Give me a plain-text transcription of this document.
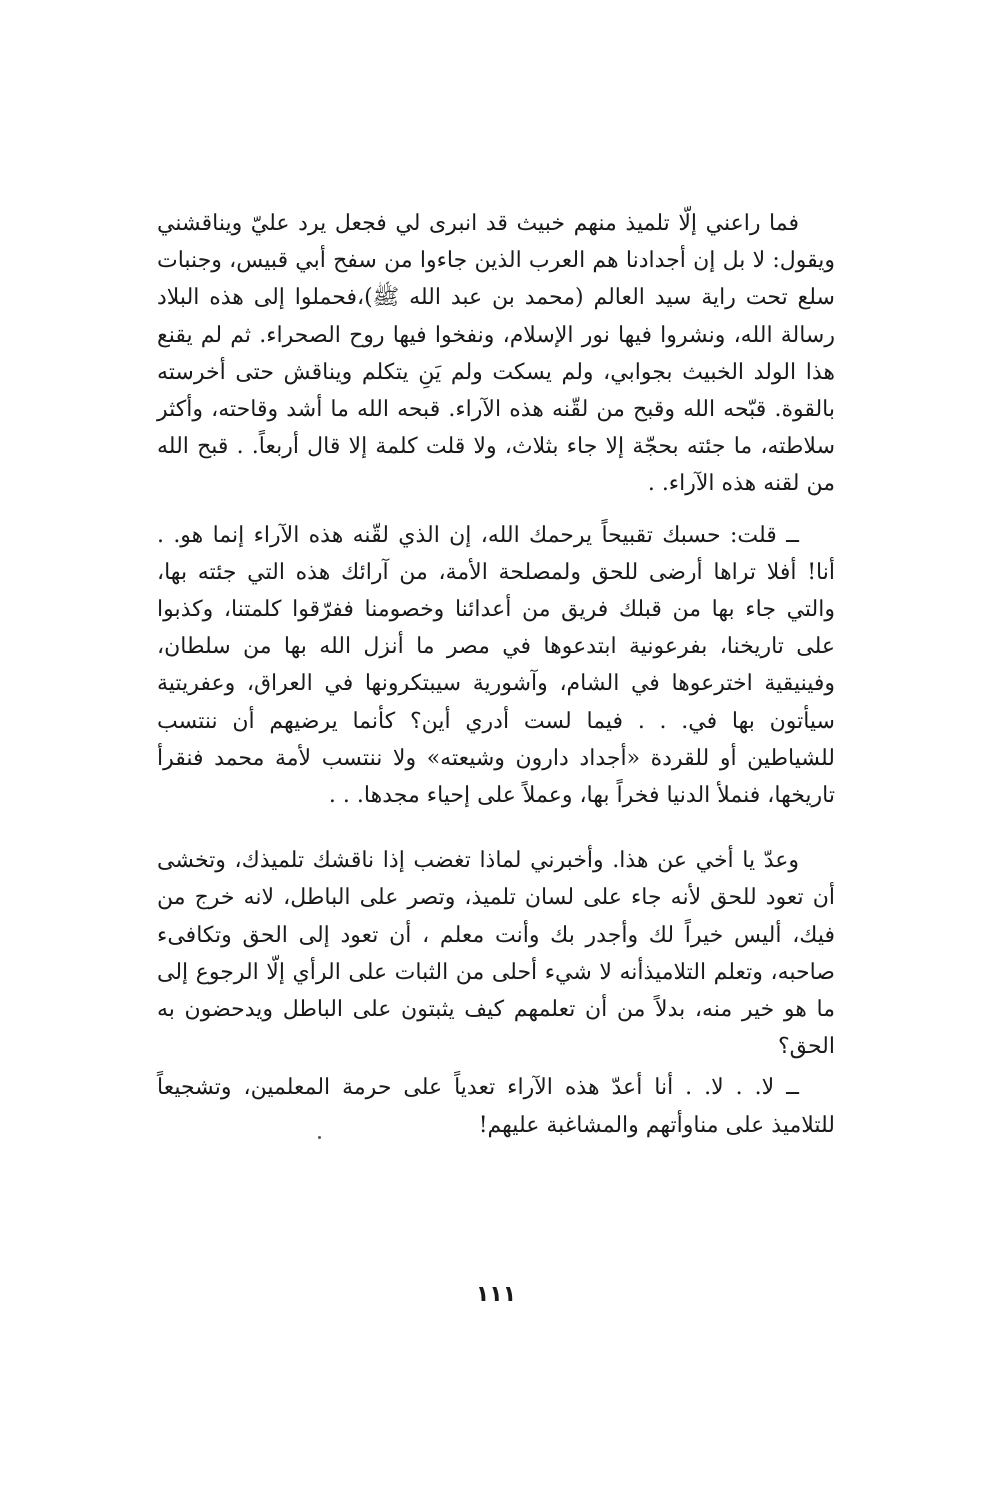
فما راعني إلّا تلميذ منهم خبيث قد انبرى لي فجعل يرد عليّ ويناقشني ويقول: لا بل إن أجدادنا هم العرب الذين جاءوا من سفح أبي قبيس، وجنبات سلع تحت راية سيد العالم (محمد بن عبد الله ﷺ)،فحملوا إلى هذه البلاد رسالة الله، ونشروا فيها نور الإسلام، ونفخوا فيها روح الصحراء. ثم لم يقنع هذا الولد الخبيث بجوابي، ولم يسكت ولم يَنِ يتكلم ويناقش حتى أخرسته بالقوة. قبّحه الله وقبح من لقّنه هذه الآراء. قبحه الله ما أشد وقاحته، وأكثر سلاطته، ما جئته بحجّة إلا جاء بثلاث، ولا قلت كلمة إلا قال أربعاً. . قبح الله من لقنه هذه الآراء. .

ــ قلت: حسبك تقبيحاً يرحمك الله، إن الذي لقّنه هذه الآراء إنما هو. . أنا! أفلا تراها أرضى للحق ولمصلحة الأمة، من آرائك هذه التي جئته بها، والتي جاء بها من قبلك فريق من أعدائنا وخصومنا ففرّقوا كلمتنا، وكذبوا على تاريخنا، بفرعونية ابتدعوها في مصر ما أنزل الله بها من سلطان، وفينيقية اخترعوها في الشام، وآشورية سيبتكرونها في العراق، وعفريتية سيأتون بها في. . . فيما لست أدري أين؟ كأنما يرضيهم أن ننتسب للشياطين أو للقردة «أجداد دارون وشيعته» ولا ننتسب لأمة محمد فنقرأ تاريخها، فنملأ الدنيا فخراً بها، وعملاً على إحياء مجدها. . .

وعدّ يا أخي عن هذا. وأخبرني لماذا تغضب إذا ناقشك تلميذك، وتخشى أن تعود للحق لأنه جاء على لسان تلميذ، وتصر على الباطل، لانه خرج من فيك، أليس خيراً لك وأجدر بك وأنت معلم ، أن تعود إلى الحق وتكافىء صاحبه، وتعلم التلاميذأنه لا شيء أحلى من الثبات على الرأي إلّا الرجوع إلى ما هو خير منه، بدلاً من أن تعلمهم كيف يثبتون على الباطل ويدحضون به الحق؟

ــ لا. . لا. . أنا أعدّ هذه الآراء تعدياً على حرمة المعلمين، وتشجيعاً للتلاميذ على مناوأتهم والمشاغبة عليهم!

١١١
